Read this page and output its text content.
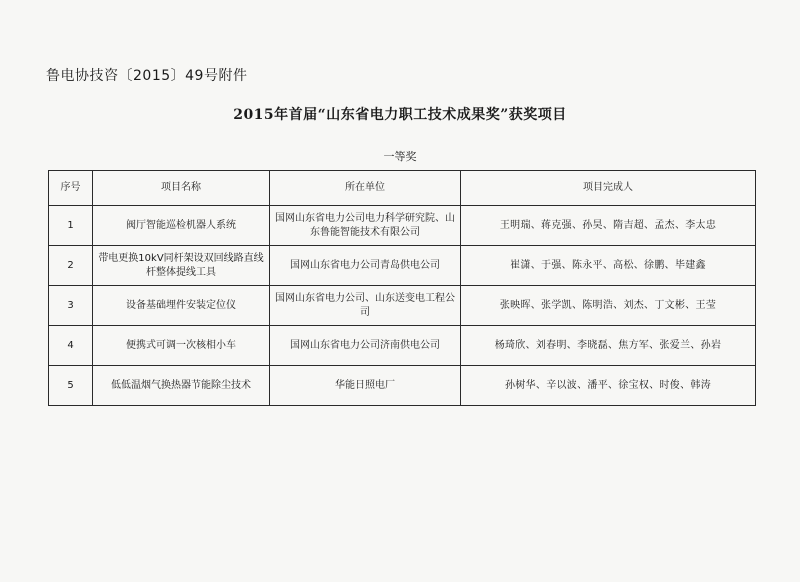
鲁电协技咨〔2015〕49号附件
2015年首届“山东省电力职工技术成果奖”获奖项目
一等奖
序号	项目名称	所在单位	项目完成人
1	阀厅智能巡检机器人系统	国网山东省电力公司电力科学研究院、山东鲁能智能技术有限公司	王明瑞、蒋克强、孙昊、隋吉超、孟杰、李太忠
2	带电更换10kV同杆架设双回线路直线杆整体提线工具	国网山东省电力公司青岛供电公司	崔潇、于强、陈永平、高松、徐鹏、毕建鑫
3	设备基础埋件安装定位仪	国网山东省电力公司、山东送变电工程公司	张映晖、张学凯、陈明浩、刘杰、丁文彬、王莹
4	便携式可调一次核相小车	国网山东省电力公司济南供电公司	杨琦欣、刘春明、李晓磊、焦方军、张爱兰、孙岩
5	低低温烟气换热器节能除尘技术	华能日照电厂	孙树华、辛以波、潘平、徐宝权、时俊、韩涛
